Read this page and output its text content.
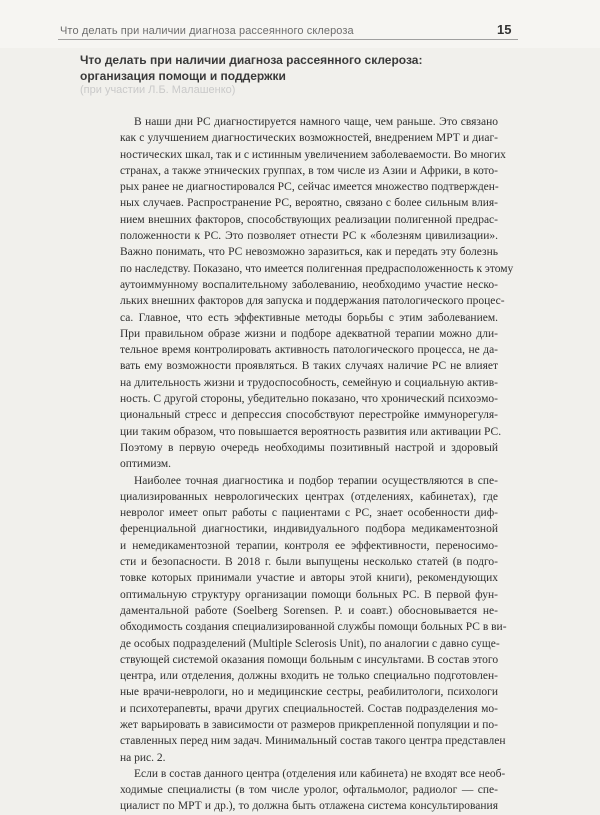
Что делать при наличии диагноза рассеянного склероза	15
Что делать при наличии диагноза рассеянного склероза:
организация помощи и поддержки
(при участии Л.Б. Малашенко)
В наши дни РС диагностируется намного чаще, чем раньше. Это связано
как с улучшением диагностических возможностей, внедрением МРТ и диаг-
ностических шкал, так и с истинным увеличением заболеваемости. Во многих
странах, а также этнических группах, в том числе из Азии и Африки, в кото-
рых ранее не диагностировался РС, сейчас имеется множество подтвержден-
ных случаев. Распространение РС, вероятно, связано с более сильным влия-
нием внешних факторов, способствующих реализации полигенной предрас-
положенности к РС. Это позволяет отнести РС к «болезням цивилизации».
Важно понимать, что РС невозможно заразиться, как и передать эту болезнь
по наследству. Показано, что имеется полигенная предрасположенность к этому
аутоиммунному воспалительному заболеванию, необходимо участие неско-
льких внешних факторов для запуска и поддержания патологического процес-
са. Главное, что есть эффективные методы борьбы с этим заболеванием.
При правильном образе жизни и подборе адекватной терапии можно дли-
тельное время контролировать активность патологического процесса, не да-
вать ему возможности проявляться. В таких случаях наличие РС не влияет
на длительность жизни и трудоспособность, семейную и социальную актив-
ность. С другой стороны, убедительно показано, что хронический психоэмо-
циональный стресс и депрессия способствуют перестройке иммунорегуля-
ции таким образом, что повышается вероятность развития или активации РС.
Поэтому в первую очередь необходимы позитивный настрой и здоровый
оптимизм.
Наиболее точная диагностика и подбор терапии осуществляются в спе-
циализированных неврологических центрах (отделениях, кабинетах), где
невролог имеет опыт работы с пациентами с РС, знает особенности диф-
ференциальной диагностики, индивидуального подбора медикаментозной
и немедикаментозной терапии, контроля ее эффективности, переносимо-
сти и безопасности. В 2018 г. были выпущены несколько статей (в подго-
товке которых принимали участие и авторы этой книги), рекомендующих
оптимальную структуру организации помощи больных РС. В первой фун-
даментальной работе (Soelberg Sorensen. P. и соавт.) обосновывается не-
обходимость создания специализированной службы помощи больных РС в ви-
де особых подразделений (Multiple Sclerosis Unit), по аналогии с давно суще-
ствующей системой оказания помощи больным с инсультами. В состав этого
центра, или отделения, должны входить не только специально подготовлен-
ные врачи-неврологи, но и медицинские сестры, реабилитологи, психологи
и психотерапевты, врачи других специальностей. Состав подразделения мо-
жет варьировать в зависимости от размеров прикрепленной популяции и по-
ставленных перед ним задач. Минимальный состав такого центра представлен
на рис. 2.
Если в состав данного центра (отделения или кабинета) не входят все необ-
ходимые специалисты (в том числе уролог, офтальмолог, радиолог — спе-
циалист по МРТ и др.), то должна быть отлажена система консультирования
